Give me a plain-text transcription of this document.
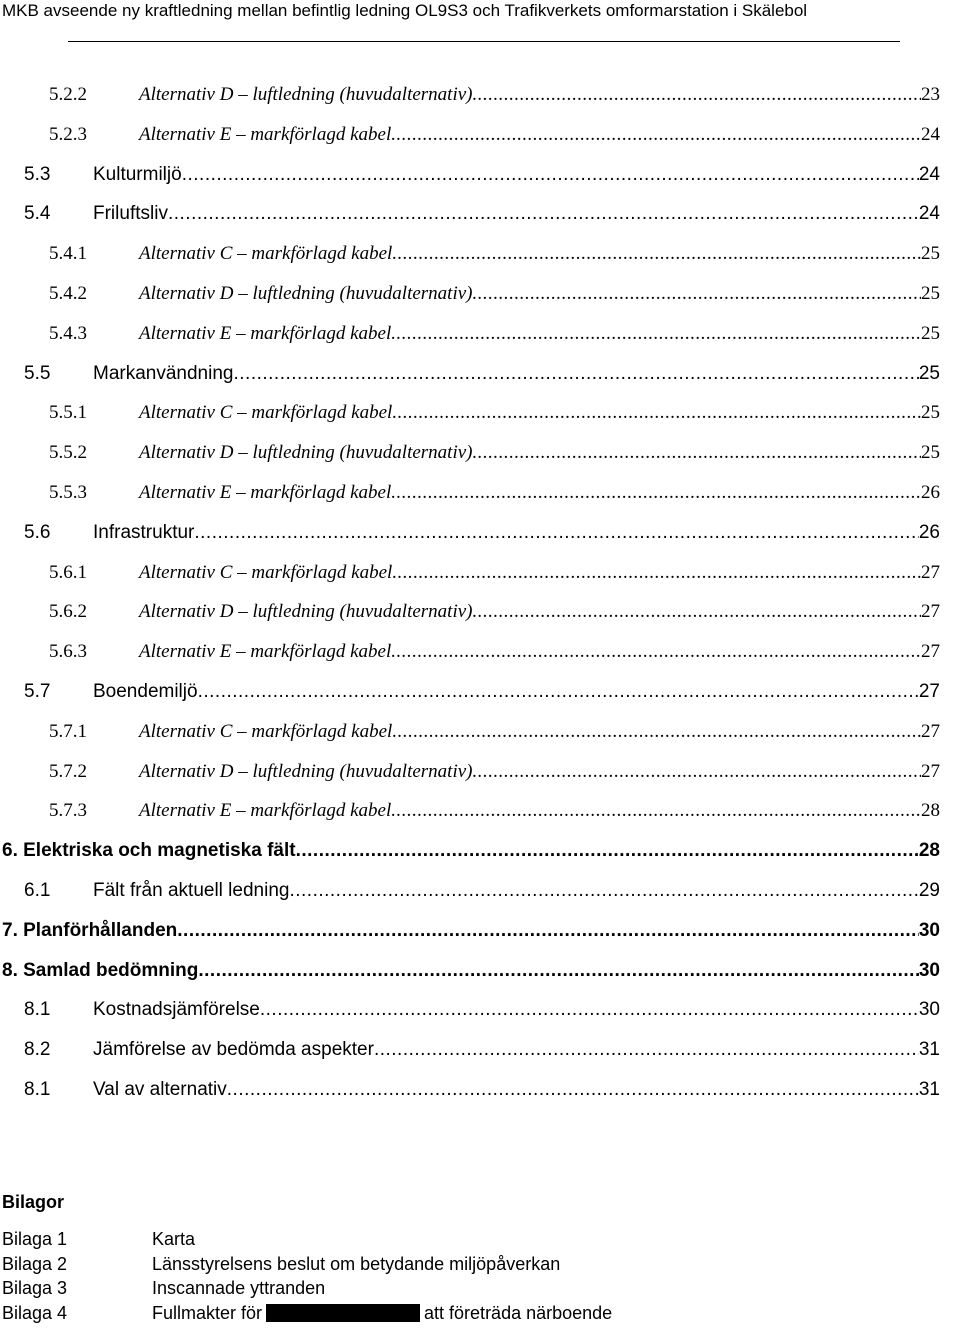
MKB avseende ny kraftledning mellan befintlig ledning OL9S3 och Trafikverkets omformarstation i Skälebol
5.2.2	Alternativ D – luftledning (huvudalternativ) .....	23
5.2.3	Alternativ E – markförlagd kabel .....	24
5.3 Kulturmiljö .....	24
5.4 Friluftsliv .....	24
5.4.1	Alternativ C – markförlagd kabel .....	25
5.4.2	Alternativ D – luftledning (huvudalternativ) .....	25
5.4.3	Alternativ E – markförlagd kabel .....	25
5.5 Markanvändning .....	25
5.5.1	Alternativ C – markförlagd kabel .....	25
5.5.2	Alternativ D – luftledning (huvudalternativ) .....	25
5.5.3	Alternativ E – markförlagd kabel .....	26
5.6 Infrastruktur .....	26
5.6.1	Alternativ C – markförlagd kabel .....	27
5.6.2	Alternativ D – luftledning (huvudalternativ) .....	27
5.6.3	Alternativ E – markförlagd kabel .....	27
5.7 Boendemiljö .....	27
5.7.1	Alternativ C – markförlagd kabel .....	27
5.7.2	Alternativ D – luftledning (huvudalternativ) .....	27
5.7.3	Alternativ E – markförlagd kabel .....	28
6. Elektriska och magnetiska fält .....	28
6.1 Fält från aktuell ledning .....	29
7. Planförhållanden .....	30
8. Samlad bedömning .....	30
8.1 Kostnadsjämförelse .....	30
8.2 Jämförelse av bedömda aspekter .....	31
8.1 Val av alternativ .....	31
Bilagor
Bilaga 1	Karta
Bilaga 2	Länsstyrelsens beslut om betydande miljöpåverkan
Bilaga 3	Inscannade yttranden
Bilaga 4	Fullmakter för	att företräda närboende
